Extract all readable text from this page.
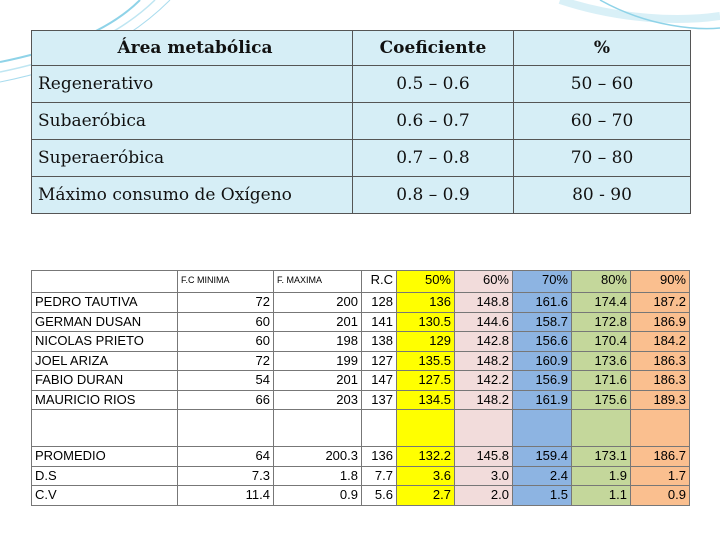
Área metabólica	Coeficiente	%
Regenerativo	0.5 – 0.6	50 – 60
Subaeróbica	0.6 – 0.7	60 – 70
Superaeróbica	0.7 – 0.8	70 – 80
Máximo consumo de Oxígeno	0.8 – 0.9	80 - 90
	F.C MINIMA	F. MAXIMA	R.C	50%	60%	70%	80%	90%
PEDRO TAUTIVA	72	200	128	136	148.8	161.6	174.4	187.2
GERMAN DUSAN	60	201	141	130.5	144.6	158.7	172.8	186.9
NICOLAS PRIETO	60	198	138	129	142.8	156.6	170.4	184.2
JOEL ARIZA	72	199	127	135.5	148.2	160.9	173.6	186.3
FABIO DURAN	54	201	147	127.5	142.2	156.9	171.6	186.3
MAURICIO RIOS	66	203	137	134.5	148.2	161.9	175.6	189.3

PROMEDIO	64	200.3	136	132.2	145.8	159.4	173.1	186.7
D.S	7.3	1.8	7.7	3.6	3.0	2.4	1.9	1.7
C.V	11.4	0.9	5.6	2.7	2.0	1.5	1.1	0.9
